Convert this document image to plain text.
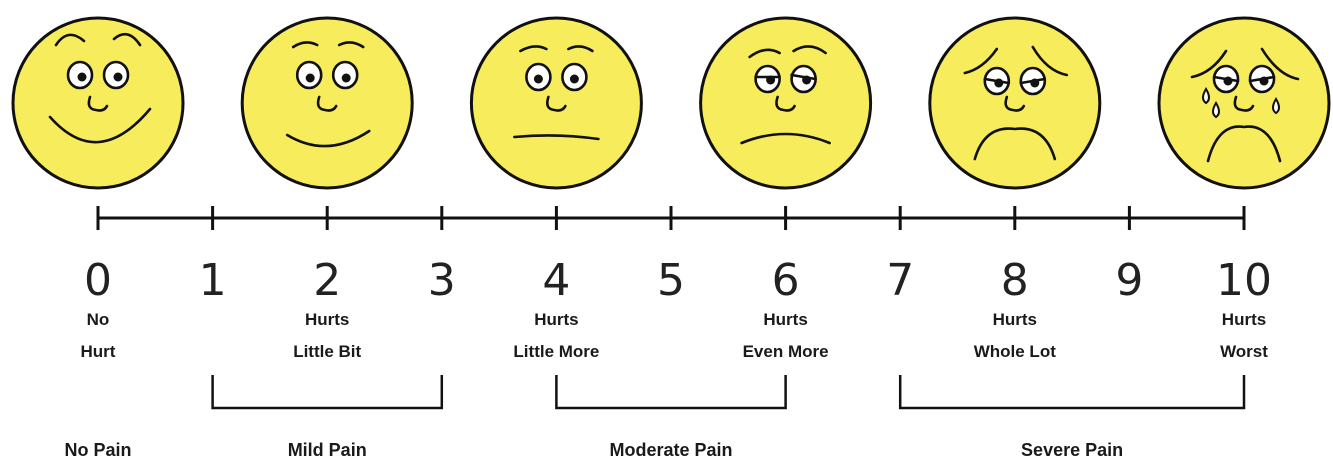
0 1 2 3 4 5 6 7 8 9 10
No
Hurt
Hurts
Little Bit
Hurts
Little More
Hurts
Even More
Hurts
Whole Lot
Hurts
Worst
No Pain	Mild Pain	Moderate Pain	Severe Pain
